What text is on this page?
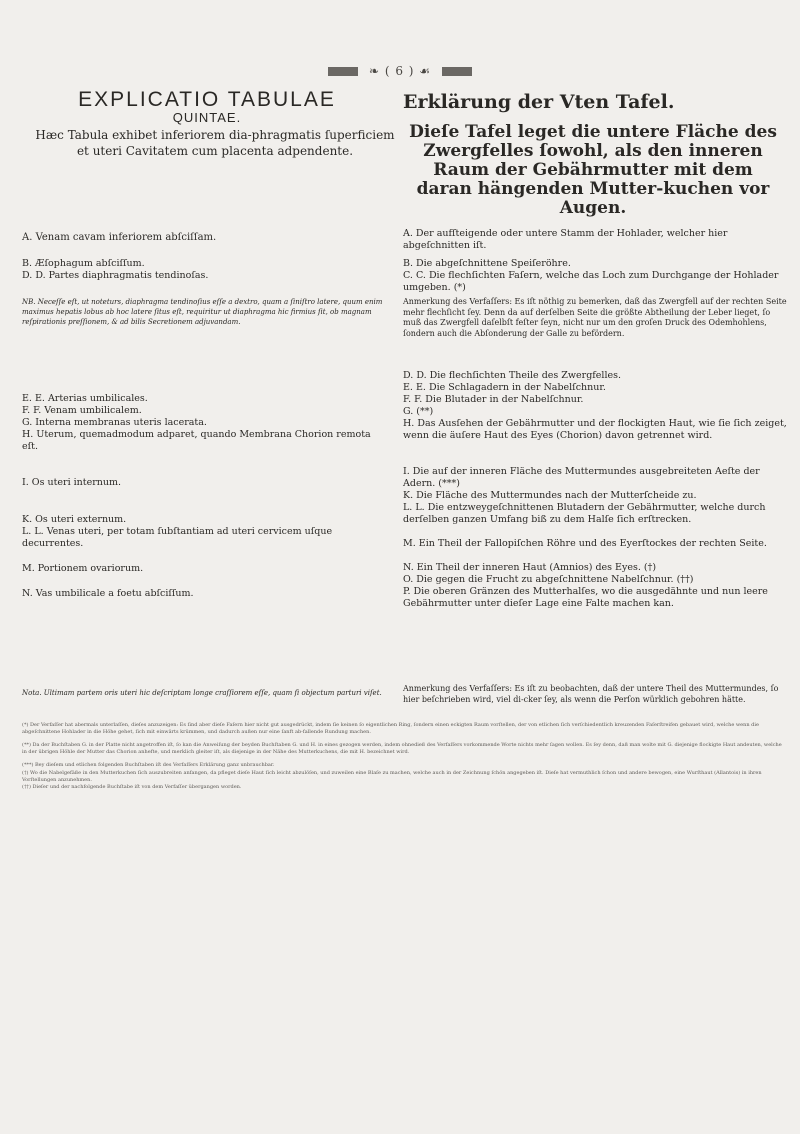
❧ ( 6 ) ☙
EXPLICATIO TABULAE
QUINTAE.
Erklärung der Vten Tafel.
Hæc Tabula exhibet inferiorem dia-phragmatis ſuperficiem et uteri Cavitatem cum placenta adpendente.
Dieſe Tafel leget die untere Fläche des Zwergfelles ſowohl, als den inneren Raum der Gebährmutter mit dem daran hängenden Mutter-kuchen vor Augen.
A. Venam cavam inferiorem abſciſſam.
B. Æſophagum abſciſſum.
D. D. Partes diaphragmatis tendinoſas.
NB. Neceſſe eſt, ut noteturs, diaphragma tendinoſius eſſe a dextro, quam a ſiniſtro latere, quum enim maximus hepatis lobus ab hoc latere ſitus eſt, requiritur ut diaphragma hic firmius ſit, ob magnam reſpirationis preſſionem, & ad bilis Secretionem adjuvandam.
E. E. Arterias umbilicales.
F. F. Venam umbilicalem.
G. Interna membranas uteris lacerata.
H. Uterum, quemadmodum adparet, quando Membrana Chorion remota eſt.
I. Os uteri internum.
K. Os uteri externum.
L. L. Venas uteri, per totam ſubſtantiam ad uteri cervicem uſque decurrentes.
M. Portionem ovariorum.
N. Vas umbilicale a foetu abſciſſum.
Nota. Ultimam partem oris uteri hic deſcriptam longe craſſiorem eſſe, quam ſi objectum parturi viſet.
A. Der aufſteigende oder untere Stamm der Hohlader, welcher hier abgeſchnitten iſt.
B. Die abgeſchnittene Speiſeröhre.
C. C. Die flechſichten Faſern, welche das Loch zum Durchgange der Hohlader umgeben. (*)
Anmerkung des Verfaſſers: Es iſt nöthig zu bemerken, daß das Zwergfell auf der rechten Seite mehr flechſicht ſey. Denn da auf derſelben Seite die größte Abtheilung der Leber lieget, ſo muß das Zwergfell daſelbſt feſter ſeyn, nicht nur um den groſen Druck des Odemhohlens, ſondern auch die Abſonderung der Galle zu befördern.
D. D. Die flechſichten Theile des Zwergfelles.
E. E. Die Schlagadern in der Nabelſchnur.
F. F. Die Blutader in der Nabelſchnur.
G. (**)
H. Das Ausſehen der Gebährmutter und der flockigten Haut, wie ſie ſich zeiget, wenn die äuſere Haut des Eyes (Chorion) davon getrennet wird.
I. Die auf der inneren Fläche des Muttermundes ausgebreiteten Aeſte der Adern. (***)
K. Die Fläche des Muttermundes nach der Mutterſcheide zu.
L. L. Die entzweygeſchnittenen Blutadern der Gebährmutter, welche durch derſelben ganzen Umfang biß zu dem Halſe ſich erſtrecken.
M. Ein Theil der Fallopiſchen Röhre und des Eyerſtockes der rechten Seite.
N. Ein Theil der inneren Haut (Amnios) des Eyes. (†)
O. Die gegen die Frucht zu abgeſchnittene Nabelſchnur. (††)
P. Die oberen Gränzen des Mutterhalſes, wo die ausgedähnte und nun leere Gebährmutter unter dieſer Lage eine Falte machen kan.
Anmerkung des Verfaſſers: Es iſt zu beobachten, daß der untere Theil des Muttermundes, ſo hier beſchrieben wird, viel di-cker ſey, als wenn die Perſon würklich gebohren hätte.
(*) Der Verfaſſer hat abermals unterlaſſen, dieſes anzuzeigen: Es ſind aber dieſe Faſern hier nicht gut ausgedrückt, indem ſie keinen ſo eigentlichen Ring, ſondern einen eckigten Raum vorſtellen, der von etlichen ſich verſchiedentlich kreuzenden Faſerſtreifen gebauet wird, welche wenn die abgeſchnittene Hohlader in die Höhe gehet, ſich mit einwärts krümmen, und dadurch außen nur eine ſanft ab-fallende Rundung machen.
(**) Da der Buchſtaben G. in der Platte nicht angetroffen iſt, ſo kan die Anweiſung der beyden Buchſtaben G. und H. in eines gezogen werden, indem ohnedieß des Verfaſſers vorkommende Worte nichts mehr ſagen wollen. Es ſey denn, daß man wolte mit G. diejenige flockigte Haut andeuten, welche in der übrigen Höhle der Mutter das Chorion anhefte, und merklich gleiter iſt, als diejenige in der Nähe des Mutterkuchens, die mit H. bezeichnet wird.
(***) Bey dieſem und etlichen folgenden Buchſtaben iſt des Verfaſſers Erklärung ganz unbrauchbar.
(†) Wo die Nabelgefäße in den Mutterkuchen ſich auszubreiten anfangen, da pfleget dieſe Haut ſich leicht abzulöſen, und zuweilen eine Blaſe zu machen, welche auch in der Zeichnung ſchön angegeben iſt. Dieſe hat vermuthlich ſchon und andere bewogen, eine Wurſthaut (Allantois) in ihren Vorſtellungen anzunehmen.
(††) Dieſer und der nachfolgende Buchſtabe iſt von dem Verfaſſer übergangen worden.
